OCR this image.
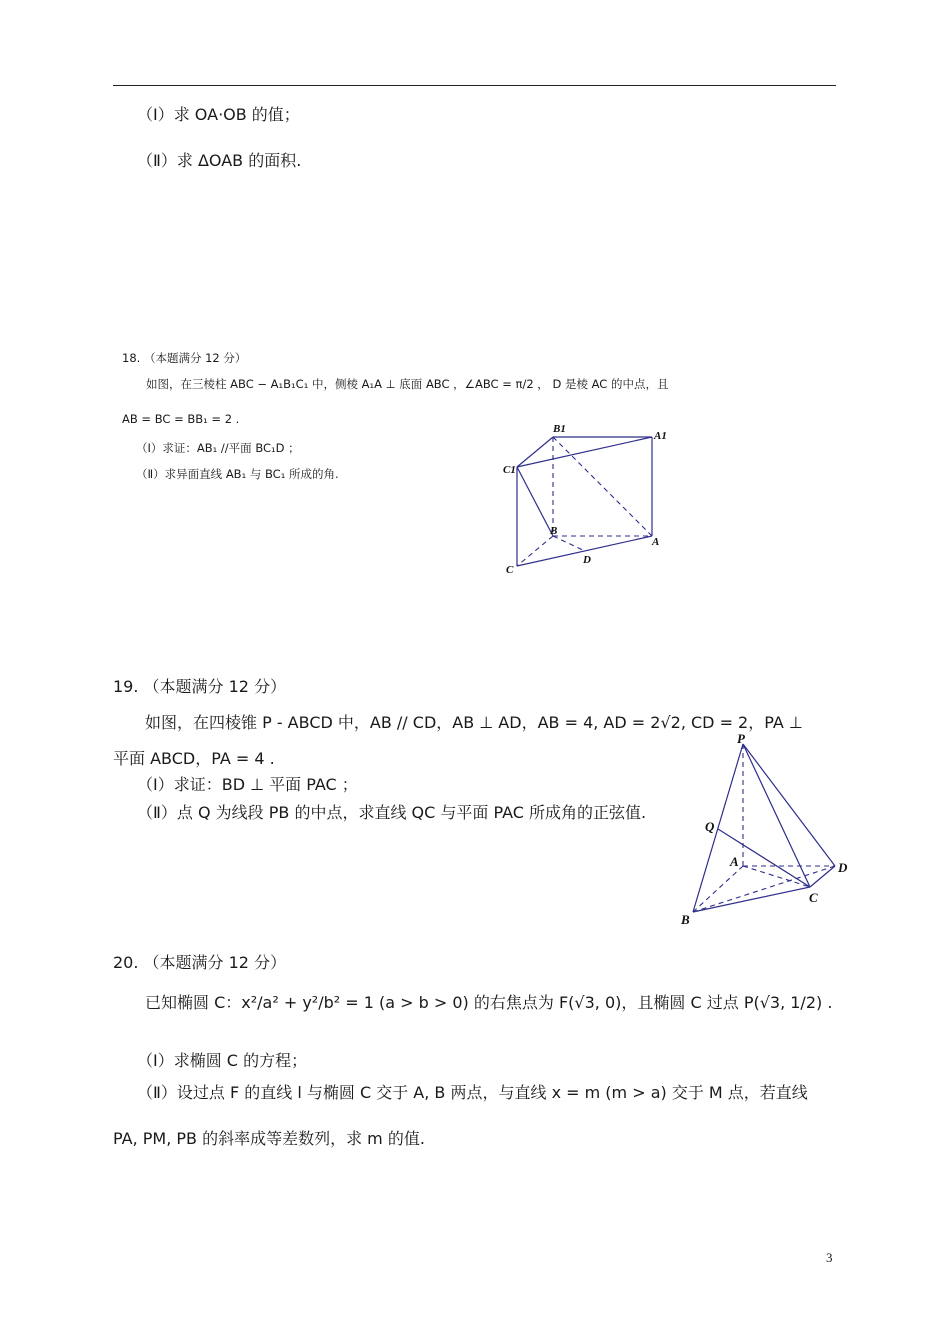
（Ⅰ）求 OA⋅OB 的值；
（Ⅱ）求 ΔOAB 的面积.
18. （本题满分 12 分）
如图，在三棱柱 ABC − A₁B₁C₁ 中，侧棱 A₁A ⊥ 底面 ABC ，∠ABC = π/2 ， D 是棱 AC 的中点，且
AB = BC = BB₁ = 2 .
（Ⅰ）求证：AB₁ //平面 BC₁D ；
（Ⅱ）求异面直线 AB₁ 与 BC₁ 所成的角.
B1
A1
C1
B
A
C
D
19. （本题满分 12 分）
如图，在四棱锥 P - ABCD 中，AB // CD，AB ⊥ AD，AB = 4, AD = 2√2, CD = 2，PA ⊥
平面 ABCD，PA = 4 .
（Ⅰ）求证：BD ⊥ 平面 PAC ；
（Ⅱ）点 Q 为线段 PB 的中点，求直线 QC 与平面 PAC 所成角的正弦值.
P
Q
A	D
C
B
20. （本题满分 12 分）
已知椭圆 C：x²/a² + y²/b² = 1 (a > b > 0) 的右焦点为 F(√3, 0)，且椭圆 C 过点 P(√3, 1/2) .
（Ⅰ）求椭圆 C 的方程；
（Ⅱ）设过点 F 的直线 l 与椭圆 C 交于 A, B 两点，与直线 x = m (m > a) 交于 M 点，若直线
PA, PM, PB 的斜率成等差数列，求 m 的值.
3
